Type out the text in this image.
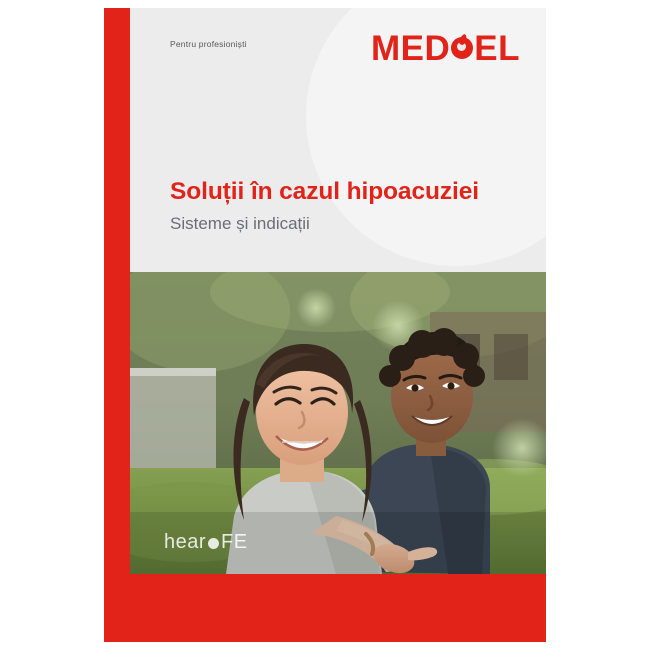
Pentru profesioniști	MED EL
Soluții în cazul hipoacuziei
Sisteme și indicații
hear FE
